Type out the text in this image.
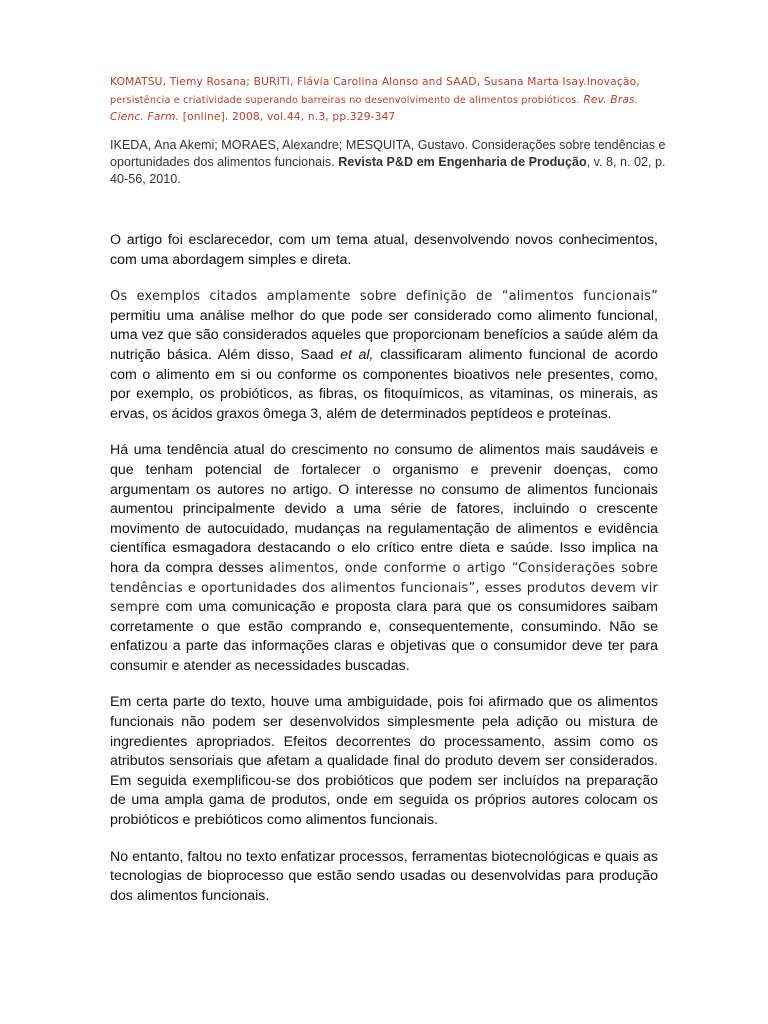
KOMATSU, Tiemy Rosana; BURITI, Flávia Carolina Alonso and SAAD, Susana Marta Isay.Inovação, persistência e criatividade superando barreiras no desenvolvimento de alimentos probióticos. Rev. Bras. Cienc. Farm. [online]. 2008, vol.44, n.3, pp.329-347
IKEDA, Ana Akemi; MORAES, Alexandre; MESQUITA, Gustavo. Considerações sobre tendências e oportunidades dos alimentos funcionais. Revista P&D em Engenharia de Produção, v. 8, n. 02, p. 40-56, 2010.

O artigo foi esclarecedor, com um tema atual, desenvolvendo novos conhecimentos, com uma abordagem simples e direta.

Os exemplos citados amplamente sobre definição de “alimentos funcionais” permitiu uma análise melhor do que pode ser considerado como alimento funcional, uma vez que são considerados aqueles que proporcionam benefícios a saúde além da nutrição básica. Além disso, Saad et al, classificaram alimento funcional de acordo com o alimento em si ou conforme os componentes bioativos nele presentes, como, por exemplo, os probióticos, as fibras, os fitoquímicos, as vitaminas, os minerais, as ervas, os ácidos graxos ômega 3, além de determinados peptídeos e proteínas.

Há uma tendência atual do crescimento no consumo de alimentos mais saudáveis e que tenham potencial de fortalecer o organismo e prevenir doenças, como argumentam os autores no artigo. O interesse no consumo de alimentos funcionais aumentou principalmente devido a uma série de fatores, incluindo o crescente movimento de autocuidado, mudanças na regulamentação de alimentos e evidência científica esmagadora destacando o elo crítico entre dieta e saúde. Isso implica na hora da compra desses alimentos, onde conforme o artigo “Considerações sobre tendências e oportunidades dos alimentos funcionais”, esses produtos devem vir sempre com uma comunicação e proposta clara para que os consumidores saibam corretamente o que estão comprando e, consequentemente, consumindo. Não se enfatizou a parte das informações claras e objetivas que o consumidor deve ter para consumir e atender as necessidades buscadas.

Em certa parte do texto, houve uma ambiguidade, pois foi afirmado que os alimentos funcionais não podem ser desenvolvidos simplesmente pela adição ou mistura de ingredientes apropriados. Efeitos decorrentes do processamento, assim como os atributos sensoriais que afetam a qualidade final do produto devem ser considerados. Em seguida exemplificou-se dos probióticos que podem ser incluídos na preparação de uma ampla gama de produtos, onde em seguida os próprios autores colocam os probióticos e prebióticos como alimentos funcionais.

No entanto, faltou no texto enfatizar processos, ferramentas biotecnológicas e quais as tecnologias de bioprocesso que estão sendo usadas ou desenvolvidas para produção dos alimentos funcionais.
